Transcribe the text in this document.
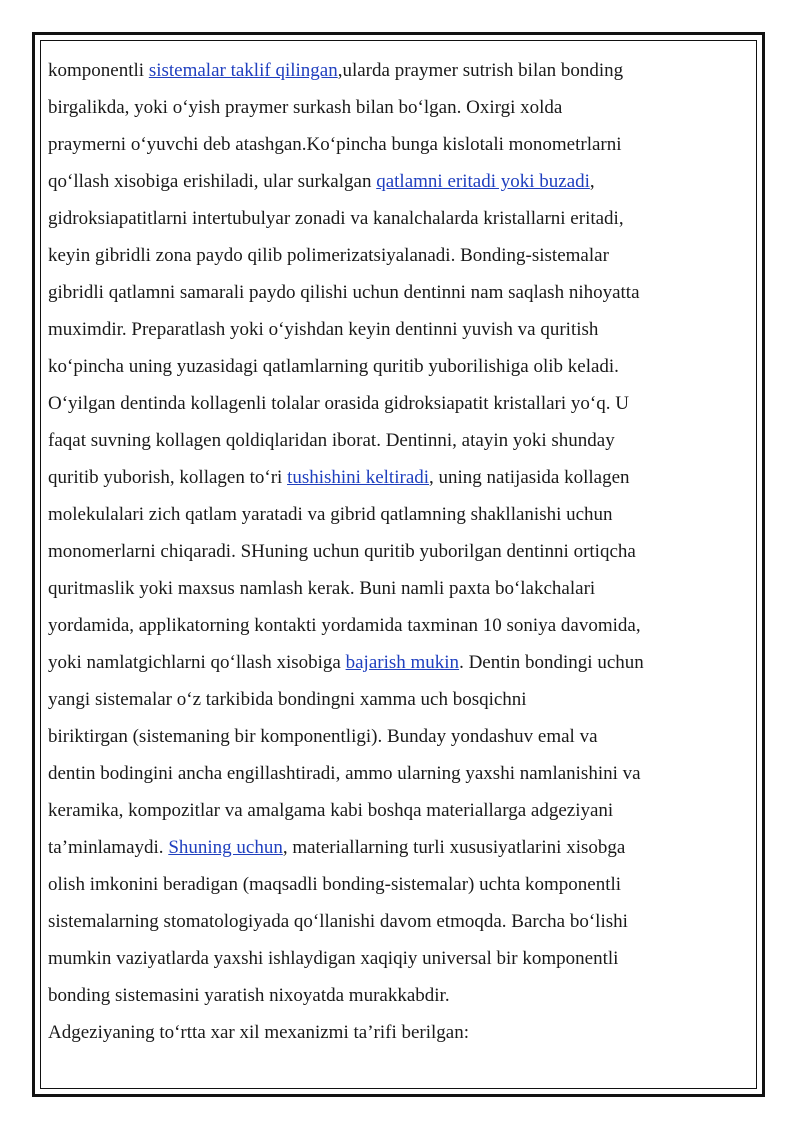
komponentli sistemalar taklif qilingan,ularda praymer sutrish bilan bonding
birgalikda, yoki o‘yish praymer surkash bilan bo‘lgan. Oxirgi xolda
praymerni o‘yuvchi deb atashgan.Ko‘pincha bunga kislotali monometrlarni
qo‘llash xisobiga erishiladi, ular surkalgan qatlamni eritadi yoki buzadi,
gidroksiapatitlarni intertubulyar zonadi va kanalchalarda kristallarni eritadi,
keyin gibridli zona paydo qilib polimerizatsiyalanadi. Bonding-sistemalar
gibridli qatlamni samarali paydo qilishi uchun dentinni nam saqlash nihoyatta
muximdir. Preparatlash yoki o‘yishdan keyin dentinni yuvish va quritish
ko‘pincha uning yuzasidagi qatlamlarning quritib yuborilishiga olib keladi.
O‘yilgan dentinda kollagenli tolalar orasida gidroksiapatit kristallari yo‘q. U
faqat suvning kollagen qoldiqlaridan iborat. Dentinni, atayin yoki shunday
quritib yuborish, kollagen to‘ri tushishini keltiradi, uning natijasida kollagen
molekulalari zich qatlam yaratadi va gibrid qatlamning shakllanishi uchun
monomerlarni chiqaradi. SHuning uchun quritib yuborilgan dentinni ortiqcha
quritmaslik yoki maxsus namlash kerak. Buni namli paxta bo‘lakchalari
yordamida, applikatorning kontakti yordamida taxminan 10 soniya davomida,
yoki namlatgichlarni qo‘llash xisobiga bajarish mukin. Dentin bondingi uchun
yangi sistemalar o‘z tarkibida bondingni xamma uch bosqichni
biriktirgan (sistemaning bir komponentligi). Bunday yondashuv emal va
dentin bodingini ancha engillashtiradi, ammo ularning yaxshi namlanishini va
keramika, kompozitlar va amalgama kabi boshqa materiallarga adgeziyani
ta’minlamaydi. Shuning uchun, materiallarning turli xususiyatlarini xisobga
olish imkonini beradigan (maqsadli bonding-sistemalar) uchta komponentli
sistemalarning stomatologiyada qo‘llanishi davom etmoqda. Barcha bo‘lishi
mumkin vaziyatlarda yaxshi ishlaydigan xaqiqiy universal bir komponentli
bonding sistemasini yaratish nixoyatda murakkabdir.
Adgeziyaning to‘rtta xar xil mexanizmi ta’rifi berilgan:
